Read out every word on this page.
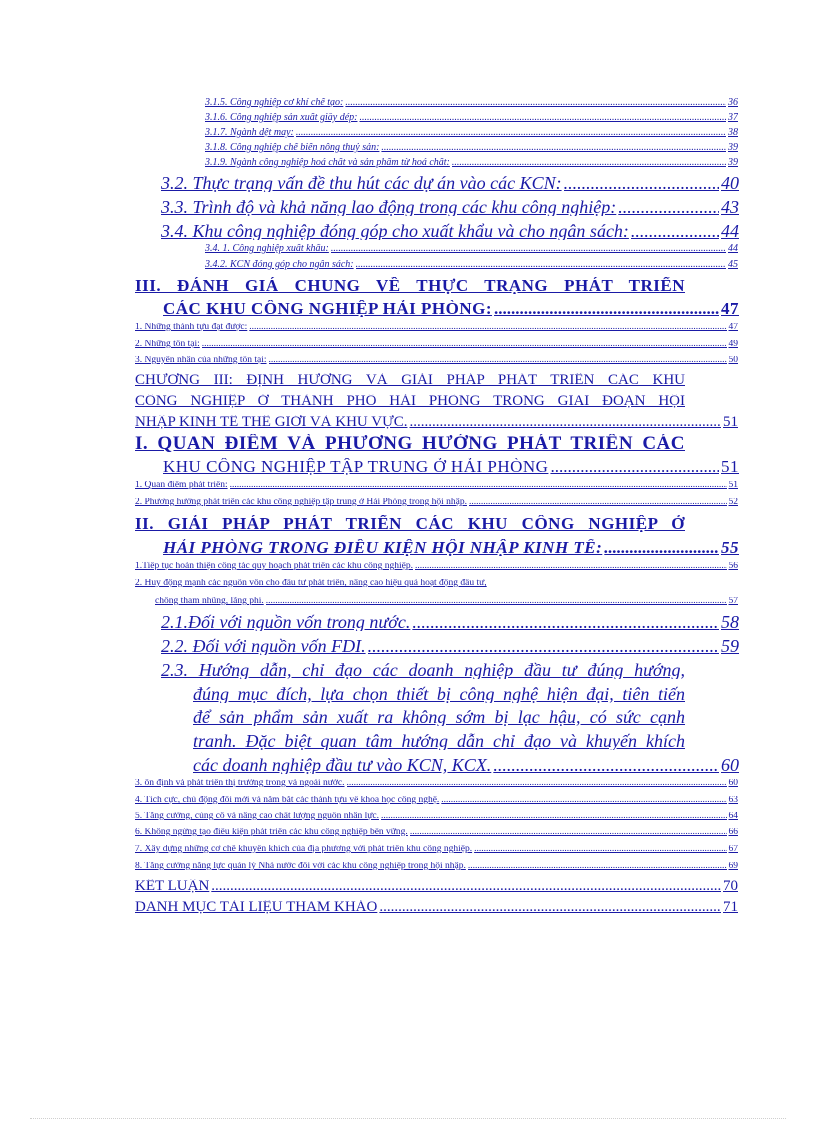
3.1.5. Công nghiệp cơ khí chế tạo: .....	36
3.1.6. Công nghiệp sản xuất giầy dép: .....	37
3.1.7. Ngành dệt may: .....	38
3.1.8. Công nghiệp chế biến nông thuỷ sản: .....	39
3.1.9. Ngành công nghiệp hoá chất và sản phẩm từ hoá chất: .....	39
3.2. Thực trạng vấn đề thu hút các dự án vào các KCN: .....	40
3.3. Trình độ và khả năng lao động trong các khu công nghiệp: .....	43
3.4. Khu công nghiệp đóng góp cho xuất khẩu và cho ngân sách: .....	44
3.4. 1. Công nghiệp xuất khẩu: .....	44
3.4.2. KCN đóng góp cho ngân sách: .....	45
III. ĐÁNH GIÁ CHUNG VỀ THỰC TRẠNG PHÁT TRIỂN
CÁC KHU CÔNG NGHIỆP HẢI PHÒNG: .....	47
1. Những thành tựu đạt được: .....	47
2. Những tồn tại: .....	49
3. Nguyên nhân của những tồn tại: .....	50
CHƯƠNG III: ĐỊNH HƯỚNG VÀ GIẢI PHÁP PHÁT TRIỂN CÁC KHU
CÔNG NGHIỆP Ở THÀNH PHỐ HẢI PHÒNG TRONG GIAI ĐOẠN HỘI
NHẬP KINH TẾ THẾ GIỚI VÀ KHU VỰC. .....	51
I. QUAN ĐIỂM VÀ PHƯƠNG HƯỚNG PHÁT TRIỂN CÁC
KHU CÔNG NGHIỆP TẬP TRUNG Ở HẢI PHÒNG .....	51
1. Quan điểm phát triển: .....	51
2. Phương hướng phát triển các khu công nghiệp tập trung ở Hải Phòng trong hội nhập. .....	52
II. GIẢI PHÁP PHÁT TRIỂN CÁC KHU CÔNG NGHIỆP Ở
HẢI PHÒNG TRONG ĐIỀU KIỆN HỘI NHẬP KINH TẾ: .....	55
1.Tiếp tục hoàn thiện công tác quy hoạch phát triển các khu công nghiệp. .....	56
2. Huy động mạnh các nguồn vốn cho đầu tư phát triển, nâng cao hiệu quả hoạt động đầu tư,
chống tham nhũng, lãng phí. .....	57
2.1.Đối với nguồn vốn trong nước. .....	58
2.2. Đối với nguồn vốn FDI. .....	59
2.3. Hướng dẫn, chỉ đạo các doanh nghiệp đầu tư đúng hướng,
đúng mục đích, lựa chọn thiết bị công nghệ hiện đại, tiên tiến
để sản phẩm sản xuất ra không sớm bị lạc hậu, có sức cạnh
tranh. Đặc biệt quan tâm hướng dẫn chỉ đạo và khuyến khích
các doanh nghiệp đầu tư vào KCN, KCX. .....	60
3. ổn định và phát triển thị trường trong và ngoài nước. .....	60
4. Tích cực, chủ động đổi mới và nắm bắt các thành tựu về khoa học công nghệ. .....	63
5. Tăng cường, củng cố và nâng cao chất lượng nguồn nhân lực. .....	64
6. Không ngừng tạo điều kiện phát triển các khu công nghiệp bền vững. .....	66
7. Xây dựng những cơ chế khuyến khích của địa phương với phát triển khu công nghiệp. .....	67
8. Tăng cường năng lực quản lý Nhà nước đối với các khu công nghiệp trong hội nhập. .....	69
KẾT LUẬN .....	70
DANH MỤC TÀI LIỆU THAM KHẢO .....	71
